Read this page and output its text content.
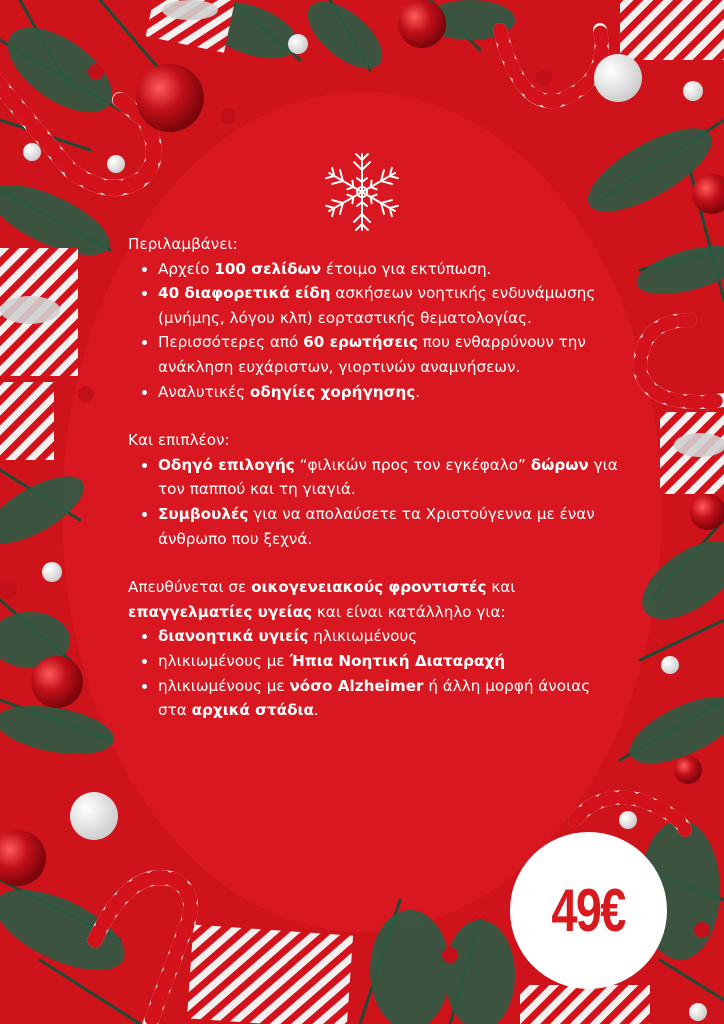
Περιλαμβάνει:

• Αρχείο 100 σελίδων έτοιμο για εκτύπωση.
• 40 διαφορετικά είδη ασκήσεων νοητικής ενδυνάμωσης (μνήμης, λόγου κλπ) εορταστικής θεματολογίας.
• Περισσότερες από 60 ερωτήσεις που ενθαρρύνουν την ανάκληση ευχάριστων, γιορτινών αναμνήσεων.
• Αναλυτικές οδηγίες χορήγησης.

Και επιπλέον:

• Οδηγό επιλογής “φιλικών προς τον εγκέφαλο” δώρων για τον παππού και τη γιαγιά.
• Συμβουλές για να απολαύσετε τα Χριστούγεννα με έναν άνθρωπο που ξεχνά.

Απευθύνεται σε οικογενειακούς φροντιστές και επαγγελματίες υγείας και είναι κατάλληλο για:

• διανοητικά υγιείς ηλικιωμένους
• ηλικιωμένους με Ήπια Νοητική Διαταραχή
• ηλικιωμένους με νόσο Alzheimer ή άλλη μορφή άνοιας στα αρχικά στάδια.
49€
